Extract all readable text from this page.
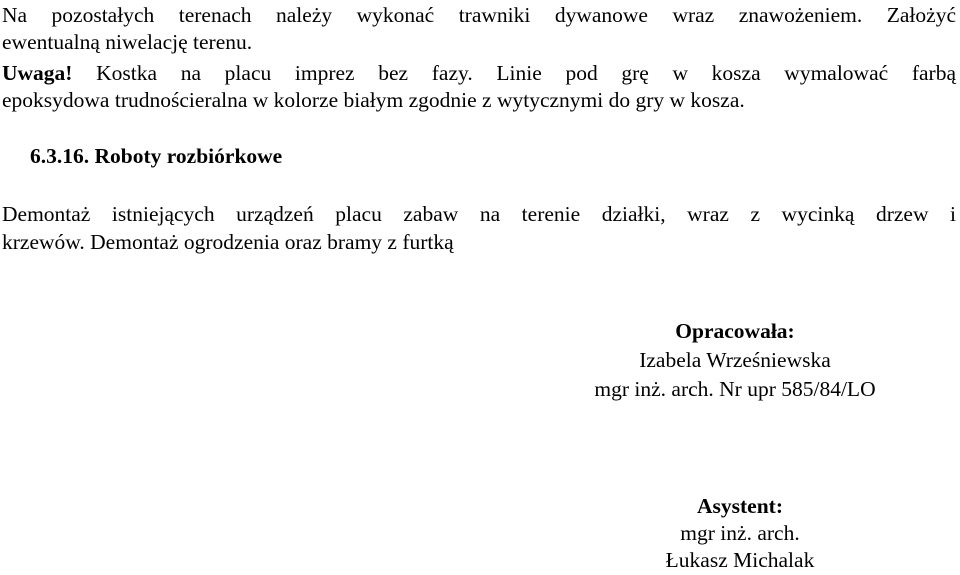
Na pozostałych terenach należy wykonać trawniki dywanowe wraz znawożeniem. Założyć
ewentualną niwelację terenu.
Uwaga! Kostka na placu imprez bez fazy. Linie pod grę w kosza wymalować farbą
epoksydowa trudnościeralna w kolorze białym zgodnie z wytycznymi do gry w kosza.
6.3.16. Roboty rozbiórkowe
Demontaż istniejących urządzeń placu zabaw na terenie działki, wraz z wycinką drzew i
krzewów. Demontaż ogrodzenia oraz bramy z furtką
Opracowała:
Izabela Wrześniewska
mgr inż. arch. Nr upr 585/84/LO
Asystent:
mgr inż. arch.
Łukasz Michalak
